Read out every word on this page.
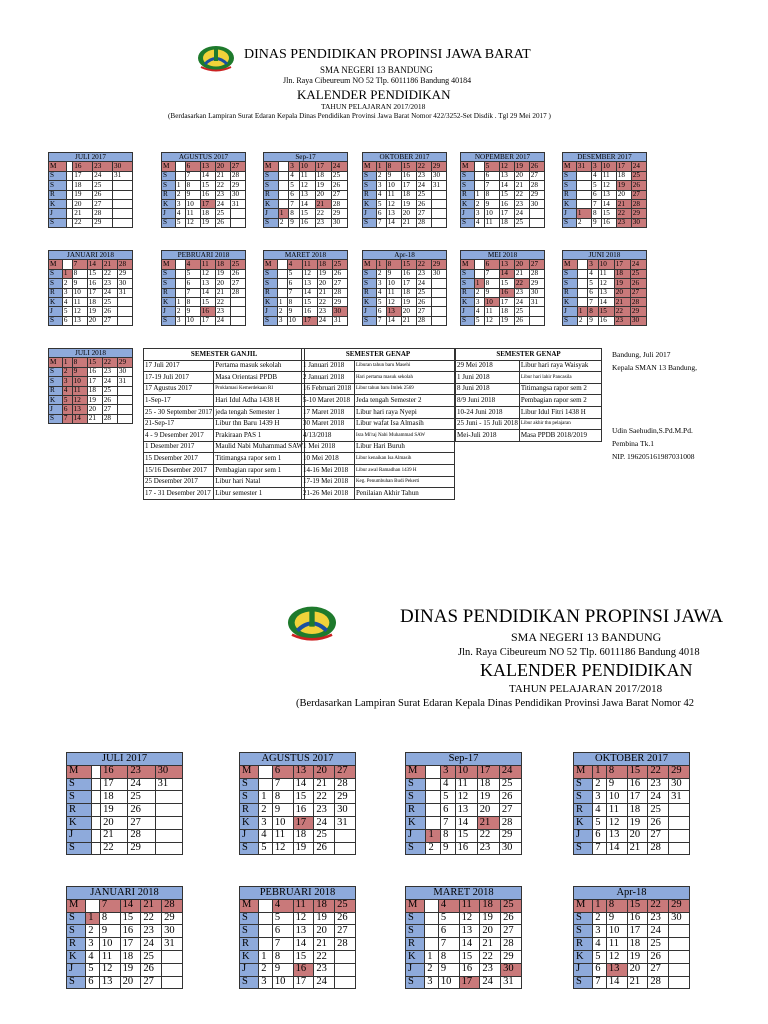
DINAS PENDIDIKAN PROPINSI JAWA BARAT
SMA NEGERI 13 BANDUNG
Jln. Raya Cibeureum NO 52 Tlp. 6011186 Bandung 40184
KALENDER PENDIDIKAN
TAHUN PELAJARAN 2017/2018
(Berdasarkan Lampiran Surat Edaran Kepala Dinas Pendidikan Provinsi Jawa Barat Nomor 422/3252-Set Disdik . Tgl 29 Mei 2017 )
JULI 2017				
M		16	23	30
S		17	24	31
S		18	25	
R		19	26	
K		20	27	
J		21	28	
S		22	29	
AGUSTUS 2017					
M		6	13	20	27
S		7	14	21	28
S	1	8	15	22	29
R	2	9	16	23	30
K	3	10	17	24	31
J	4	11	18	25	
S	5	12	19	26	
Sep-17					
M		3	10	17	24
S		4	11	18	25
S		5	12	19	26
R		6	13	20	27
K		7	14	21	28
J	1	8	15	22	29
S	2	9	16	23	30
OKTOBER 2017					
M	1	8	15	22	29
S	2	9	16	23	30
S	3	10	17	24	31
R	4	11	18	25	
K	5	12	19	26	
J	6	13	20	27	
S	7	14	21	28	
NOPEMBER 2017					
M		5	12	19	26
S		6	13	20	27
S		7	14	21	28
R	1	8	15	22	29
K	2	9	16	23	30
J	3	10	17	24	
S	4	11	18	25	
DESEMBER 2017					
M	31	3	10	17	24
S		4	11	18	25
S		5	12	19	26
R		6	13	20	27
K		7	14	21	28
J	1	8	15	22	29
S	2	9	16	23	30
JANUARI 2018					
M		7	14	21	28
S	1	8	15	22	29
S	2	9	16	23	30
R	3	10	17	24	31
K	4	11	18	25	
J	5	12	19	26	
S	6	13	20	27	
PEBRUARI 2018					
M		4	11	18	25
S		5	12	19	26
S		6	13	20	27
R		7	14	21	28
K	1	8	15	22	
J	2	9	16	23	
S	3	10	17	24	
MARET 2018					
M		4	11	18	25
S		5	12	19	26
S		6	13	20	27
R		7	14	21	28
K	1	8	15	22	29
J	2	9	16	23	30
S	3	10	17	24	31
Apr-18					
M	1	8	15	22	29
S	2	9	16	23	30
S	3	10	17	24	
R	4	11	18	25	
K	5	12	19	26	
J	6	13	20	27	
S	7	14	21	28	
MEI 2018					
M		6	13	20	27
S		7	14	21	28
S	1	8	15	22	29
R	2	9	16	23	30
K	3	10	17	24	31
J	4	11	18	25	
S	5	12	19	26	
JUNI 2018					
M		3	10	17	24
S		4	11	18	25
S		5	12	19	26
R		6	13	20	27
K		7	14	21	28
J	1	8	15	22	29
S	2	9	16	23	30
JULI 2018					
M	1	8	15	22	29
S	2	9	16	23	30
S	3	10	17	24	31
R	4	11	18	25	
K	5	12	19	26	
J	6	13	20	27	
S	7	14	21	28	
SEMESTER GANJIL	
17 Juli 2017	Pertama masuk sekolah
17-19 Juli 2017	Masa Orientasi PPDB
17 Agustus 2017	Proklamasi Kemerdekaan RI
1-Sep-17	Hari Idul Adha 1438 H
25 - 30 September 2017	jeda tengah Semester 1
21-Sep-17	Libur thn Baru 1439 H
4 - 9 Desember 2017	Prakiraan PAS 1
1 Desember 2017	Maulid Nabi Muhammad SAW
15 Desember 2017	Titimangsa rapor sem 1
15/16 Desember 2017	Pembagian rapor sem 1
25 Desember 2017	Libur hari Natal
17 - 31 Desember 2017	Libur semester 1
SEMESTER GENAP	
1 Januari 2018	Liburan tahun baru Masehi
2 Januari 2018	Hari pertama masuk sekolah
16 Februari 2018	Libur tahun baru Imlek 2569
5-10 Maret 2018	Jeda tengah Semester 2
17 Maret 2018	Libur hari raya Nyepi
30 Maret 2018	Libur wafat Isa Almasih
4/13/2018	Isra Mi'raj Nabi Muhammad SAW
1 Mei 2018	Libur Hari Buruh
10 Mei 2018	Libur kenaikan Isa Almasih
14-16 Mei 2018	Libur awal Ramadhan 1439 H
17-19 Mei 2018	Keg. Penumbuhan Budi Pekerti
21-26 Mei 2018	Penilaian Akhir Tahun
SEMESTER GENAP	
29 Mei 2018	Libur hari raya Waisyak
1 Juni 2018	Libur hari lahir Pancasila
8 Juni 2018	Titimangsa rapor sem 2
8/9 Juni 2018	Pembagian rapor sem 2
10-24 Juni 2018	Libur Idul Fitri 1438 H
25 Juni - 15 Juli 2018	Libur akhir thn pelajaran
Mei-Juli 2018	Masa PPDB 2018/2019
Bandung, Juli 2017
Kepala SMAN 13 Bandung,
Udin Saehudin,S.Pd.M.Pd.
Pembina Tk.1
NIP. 196205161987031008
DINAS PENDIDIKAN PROPINSI JAWA
SMA NEGERI 13 BANDUNG
Jln. Raya Cibeureum NO 52 Tlp. 6011186 Bandung 4018
KALENDER PENDIDIKAN
TAHUN PELAJARAN 2017/2018
(Berdasarkan Lampiran Surat Edaran Kepala Dinas Pendidikan Provinsi Jawa Barat Nomor 42
JULI 2017				
M		16	23	30
S		17	24	31
S		18	25	
R		19	26	
K		20	27	
J		21	28	
S		22	29	
AGUSTUS 2017					
M		6	13	20	27
S		7	14	21	28
S	1	8	15	22	29
R	2	9	16	23	30
K	3	10	17	24	31
J	4	11	18	25	
S	5	12	19	26	
Sep-17					
M		3	10	17	24
S		4	11	18	25
S		5	12	19	26
R		6	13	20	27
K		7	14	21	28
J	1	8	15	22	29
S	2	9	16	23	30
OKTOBER 2017					
M	1	8	15	22	29
S	2	9	16	23	30
S	3	10	17	24	31
R	4	11	18	25	
K	5	12	19	26	
J	6	13	20	27	
S	7	14	21	28	
JANUARI 2018					
M		7	14	21	28
S	1	8	15	22	29
S	2	9	16	23	30
R	3	10	17	24	31
K	4	11	18	25	
J	5	12	19	26	
S	6	13	20	27	
PEBRUARI 2018					
M		4	11	18	25
S		5	12	19	26
S		6	13	20	27
R		7	14	21	28
K	1	8	15	22	
J	2	9	16	23	
S	3	10	17	24	
MARET 2018					
M		4	11	18	25
S		5	12	19	26
S		6	13	20	27
R		7	14	21	28
K	1	8	15	22	29
J	2	9	16	23	30
S	3	10	17	24	31
Apr-18					
M	1	8	15	22	29
S	2	9	16	23	30
S	3	10	17	24	
R	4	11	18	25	
K	5	12	19	26	
J	6	13	20	27	
S	7	14	21	28	
